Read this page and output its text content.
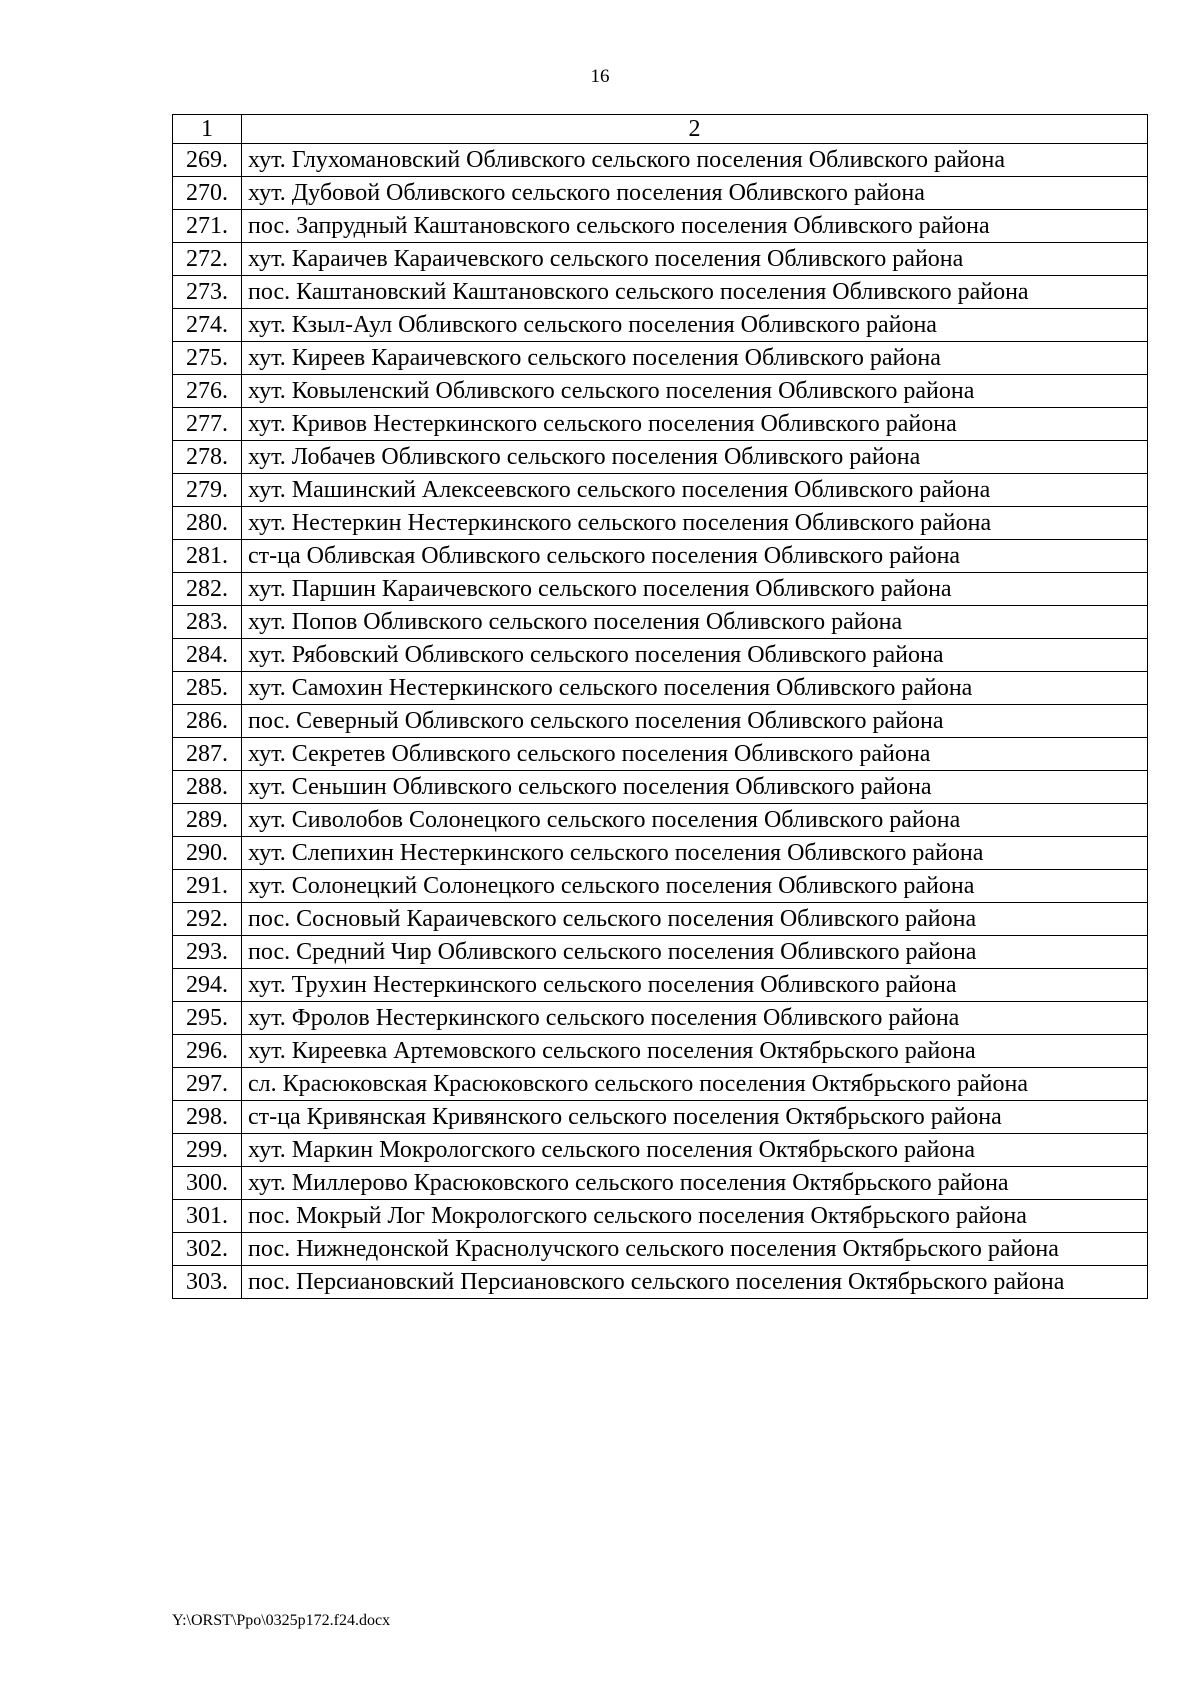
16
1	2
269.	хут. Глухомановский Обливского сельского поселения Обливского района
270.	хут. Дубовой Обливского сельского поселения Обливского района
271.	пос. Запрудный Каштановского сельского поселения Обливского района
272.	хут. Караичев Караичевского сельского поселения Обливского района
273.	пос. Каштановский Каштановского сельского поселения Обливского района
274.	хут. Кзыл-Аул Обливского сельского поселения Обливского района
275.	хут. Киреев Караичевского сельского поселения Обливского района
276.	хут. Ковыленский Обливского сельского поселения Обливского района
277.	хут. Кривов Нестеркинского сельского поселения Обливского района
278.	хут. Лобачев Обливского сельского поселения Обливского района
279.	хут. Машинский Алексеевского сельского поселения Обливского района
280.	хут. Нестеркин Нестеркинского сельского поселения Обливского района
281.	ст-ца Обливская Обливского сельского поселения Обливского района
282.	хут. Паршин Караичевского сельского поселения Обливского района
283.	хут. Попов Обливского сельского поселения Обливского района
284.	хут. Рябовский Обливского сельского поселения Обливского района
285.	хут. Самохин Нестеркинского сельского поселения Обливского района
286.	пос. Северный Обливского сельского поселения Обливского района
287.	хут. Секретев Обливского сельского поселения Обливского района
288.	хут. Сеньшин Обливского сельского поселения Обливского района
289.	хут. Сиволобов Солонецкого сельского поселения Обливского района
290.	хут. Слепихин Нестеркинского сельского поселения Обливского района
291.	хут. Солонецкий Солонецкого сельского поселения Обливского района
292.	пос. Сосновый Караичевского сельского поселения Обливского района
293.	пос. Средний Чир Обливского сельского поселения Обливского района
294.	хут. Трухин Нестеркинского сельского поселения Обливского района
295.	хут. Фролов Нестеркинского сельского поселения Обливского района
296.	хут. Киреевка Артемовского сельского поселения Октябрьского района
297.	сл. Красюковская Красюковского сельского поселения Октябрьского района
298.	ст-ца Кривянская Кривянского сельского поселения Октябрьского района
299.	хут. Маркин Мокрологского сельского поселения Октябрьского района
300.	хут. Миллерово Красюковского сельского поселения Октябрьского района
301.	пос. Мокрый Лог Мокрологского сельского поселения Октябрьского района
302.	пос. Нижнедонской Краснолучского сельского поселения Октябрьского района
303.	пос. Персиановский Персиановского сельского поселения Октябрьского района
Y:\ORST\Ppo\0325p172.f24.docx
